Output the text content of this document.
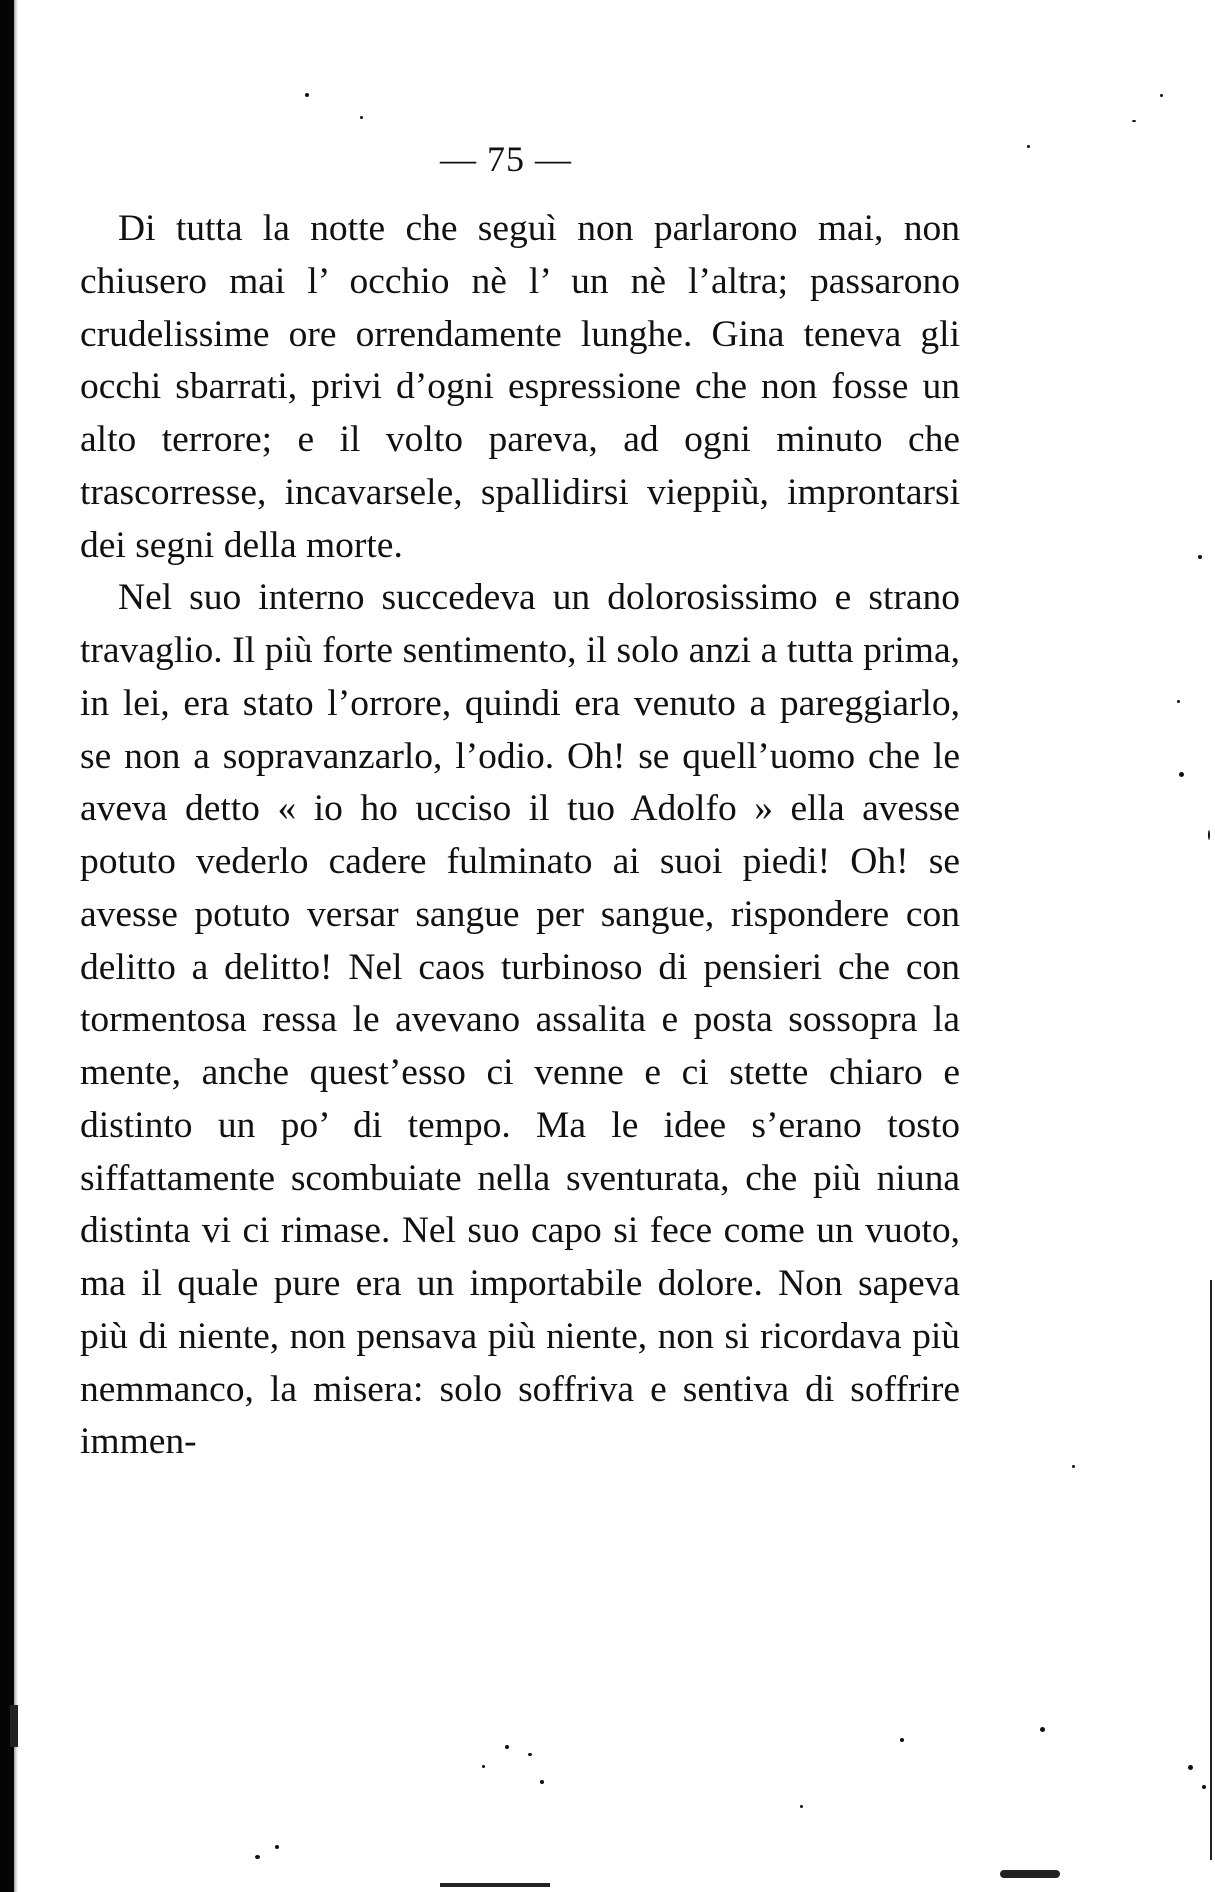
— 75 —

Di tutta la notte che seguì non parlarono mai, non chiusero mai l’ occhio nè l’ un nè l’altra; passarono crudelissime ore orrendamente lunghe. Gina teneva gli occhi sbarrati, privi d’ogni espressione che non fosse un alto terrore; e il volto pareva, ad ogni minuto che trascorresse, incavarsele, spallidirsi vieppiù, improntarsi dei segni della morte.

Nel suo interno succedeva un dolorosissimo e strano travaglio. Il più forte sentimento, il solo anzi a tutta prima, in lei, era stato l’orrore, quindi era venuto a pareggiarlo, se non a sopravanzarlo, l’odio. Oh! se quell’uomo che le aveva detto « io ho ucciso il tuo Adolfo » ella avesse potuto vederlo cadere fulminato ai suoi piedi! Oh! se avesse potuto versar sangue per sangue, rispondere con delitto a delitto! Nel caos turbinoso di pensieri che con tormentosa ressa le avevano assalita e posta sossopra la mente, anche quest’esso ci venne e ci stette chiaro e distinto un po’ di tempo. Ma le idee s’erano tosto siffattamente scombuiate nella sventurata, che più niuna distinta vi ci rimase. Nel suo capo si fece come un vuoto, ma il quale pure era un importabile dolore. Non sapeva più di niente, non pensava più niente, non si ricordava più nemmanco, la misera: solo soffriva e sentiva di soffrire immen-
